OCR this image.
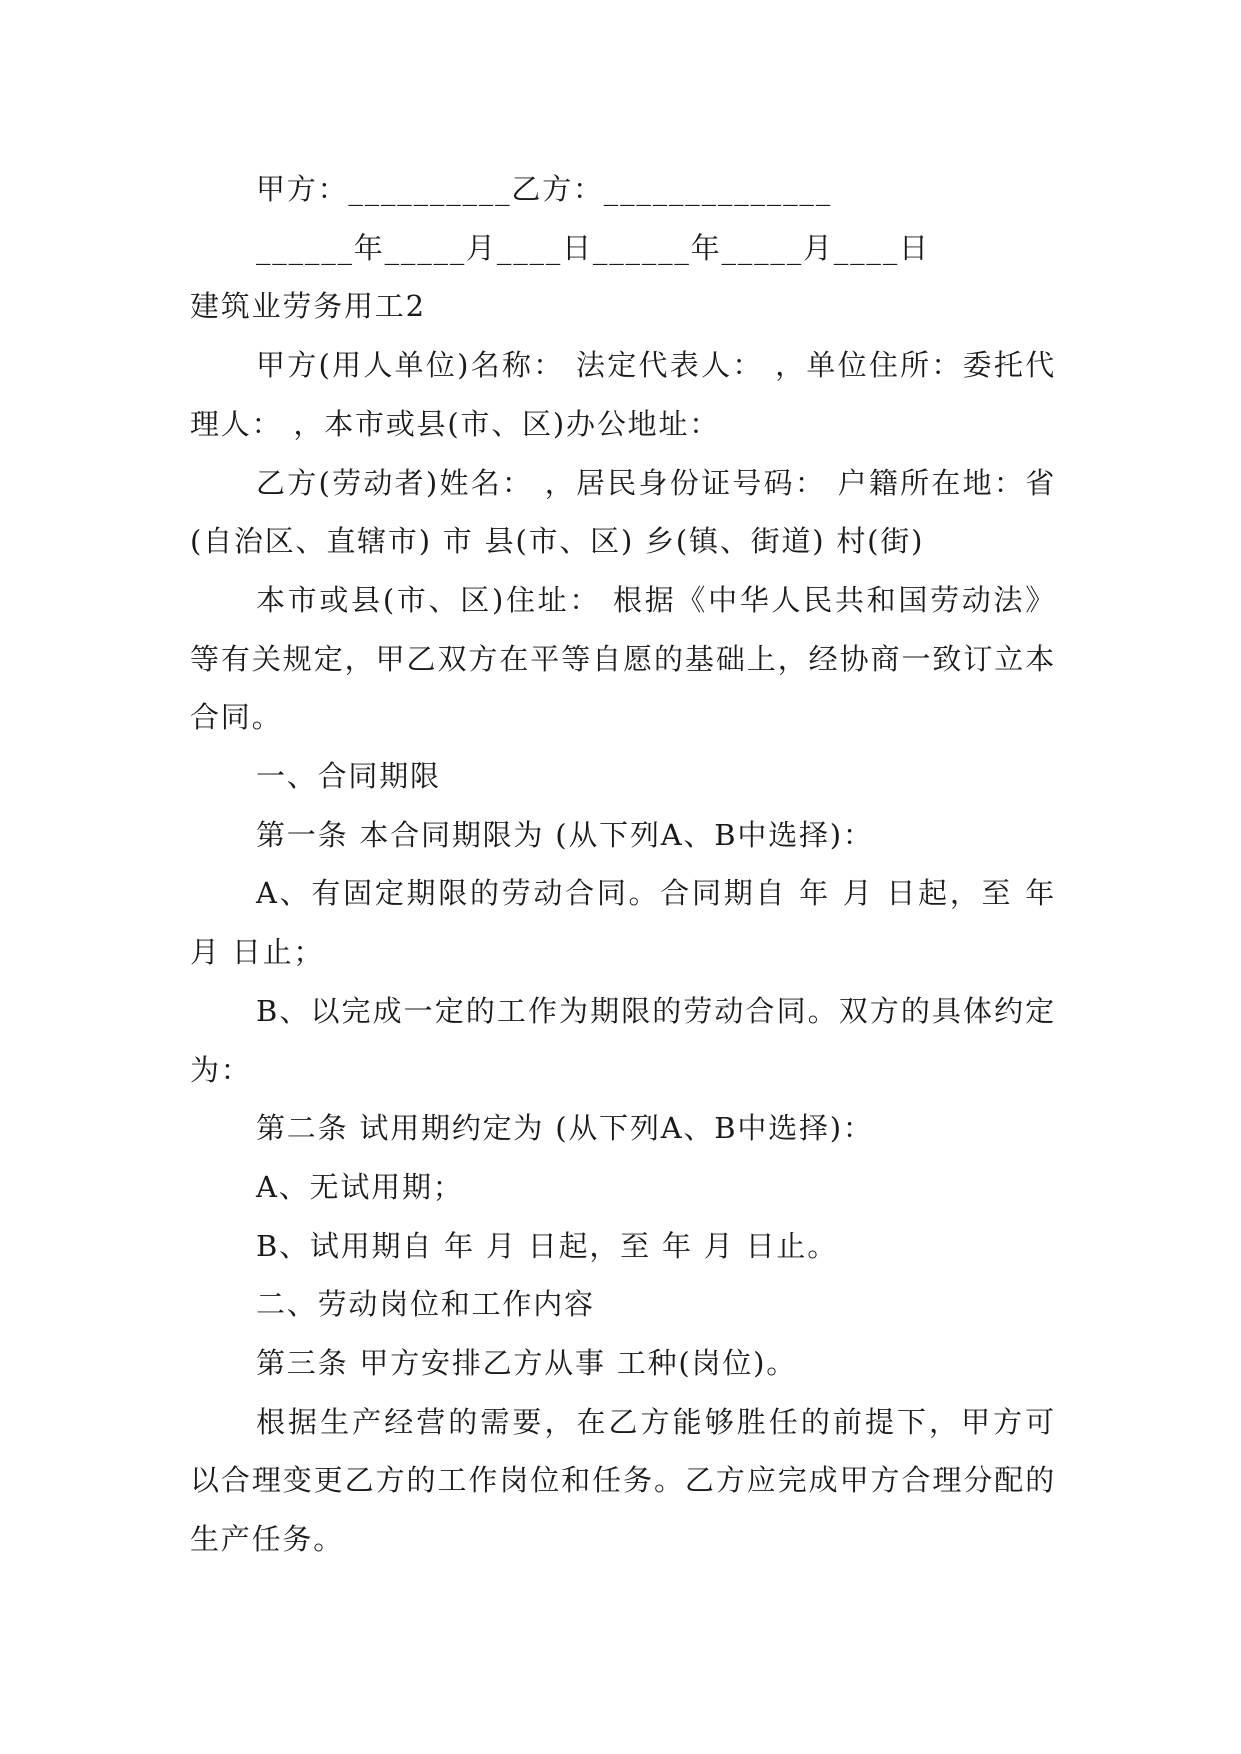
甲方：__________乙方：______________

______年_____月____日______年_____月____日

建筑业劳务用工2

甲方(用人单位)名称： 法定代表人： ，单位住所：委托代理人： ，本市或县(市、区)办公地址：

乙方(劳动者)姓名： ，居民身份证号码： 户籍所在地：省(自治区、直辖市) 市 县(市、区) 乡(镇、街道) 村(街)

本市或县(市、区)住址： 根据《中华人民共和国劳动法》等有关规定，甲乙双方在平等自愿的基础上，经协商一致订立本合同。

一、合同期限

第一条 本合同期限为 (从下列A、B中选择)：

A、有固定期限的劳动合同。合同期自 年 月 日起，至 年 月 日止；

B、以完成一定的工作为期限的劳动合同。双方的具体约定为：

第二条 试用期约定为 (从下列A、B中选择)：

A、无试用期；

B、试用期自 年 月 日起，至 年 月 日止。

二、劳动岗位和工作内容

第三条 甲方安排乙方从事 工种(岗位)。

根据生产经营的需要，在乙方能够胜任的前提下，甲方可以合理变更乙方的工作岗位和任务。乙方应完成甲方合理分配的生产任务。
